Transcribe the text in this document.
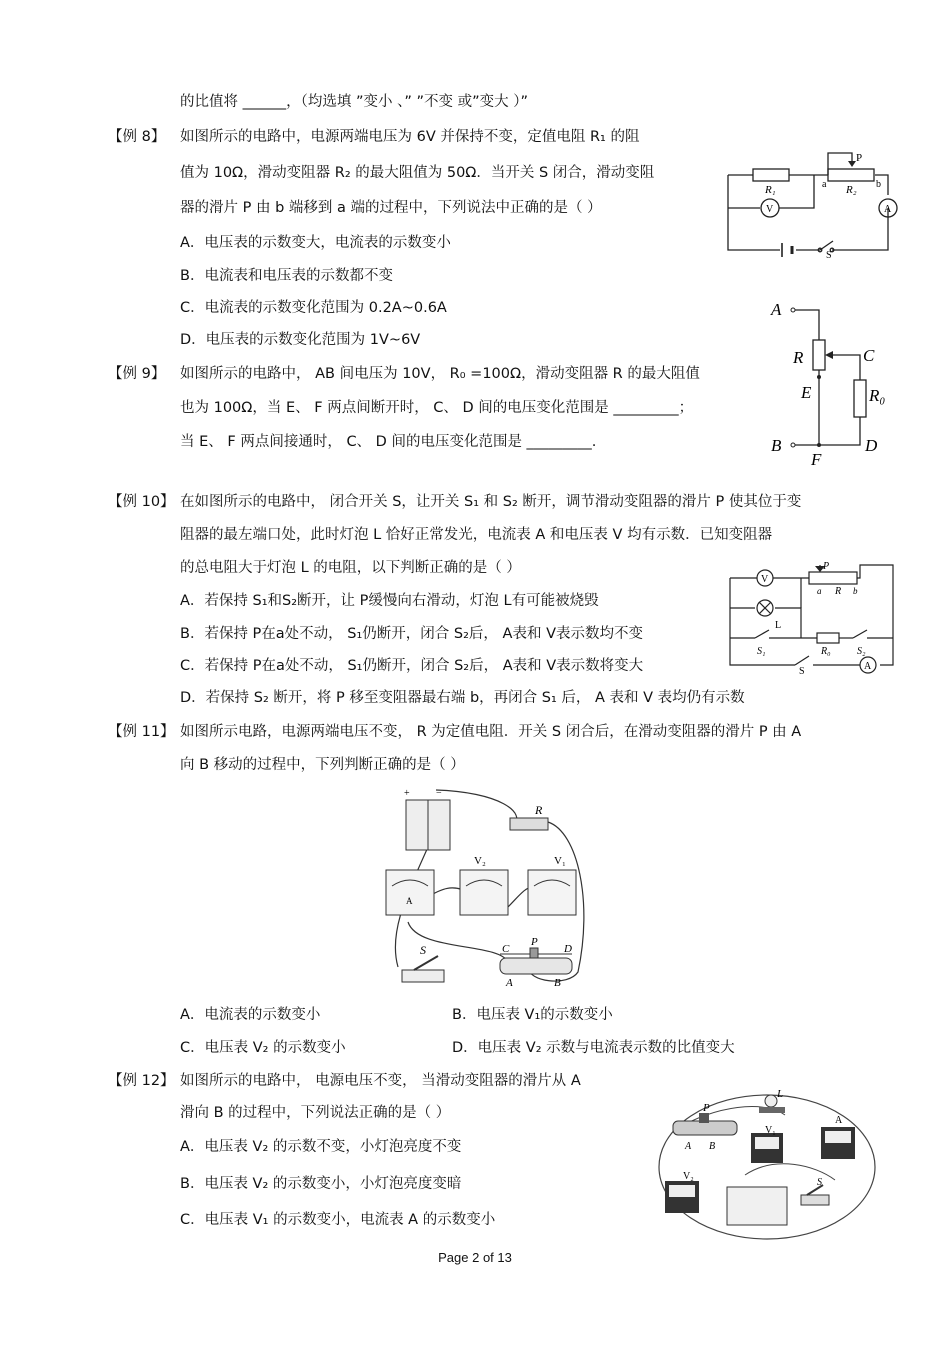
的比值将 ______，（均选填 ”变小 、” ”不变 或”变大 ）”
【例 8】 如图所示的电路中，电源两端电压为 6V 并保持不变，定值电阻 R₁ 的阻
值为 10Ω，滑动变阻器 R₂ 的最大阻值为 50Ω．当开关 S 闭合，滑动变阻
器的滑片 P 由 b 端移到 a 端的过程中，下列说法中正确的是（ ）
A．电压表的示数变大，电流表的示数变小
B．电流表和电压表的示数都不变
C．电流表的示数变化范围为 0.2A~0.6A
D．电压表的示数变化范围为 1V~6V
P
R₁	R₂
a	b
V	A
S
【例 9】 如图所示的电路中， AB 间电压为 10V， R₀ =100Ω，滑动变阻器 R 的最大阻值
也为 100Ω，当 E、 F 两点间断开时， C、 D 间的电压变化范围是 _________；
当 E、 F 两点间接通时， C、 D 间的电压变化范围是 _________.
A
R	C
E	R₀
B
F
D
【例 10】 在如图所示的电路中， 闭合开关 S，让开关 S₁ 和 S₂ 断开，调节滑动变阻器的滑片 P 使其位于变
阻器的最左端口处，此时灯泡 L 恰好正常发光，电流表 A 和电压表 V 均有示数．已知变阻器
的总电阻大于灯泡 L 的电阻，以下判断正确的是（ ）
A．若保持 S₁和S₂断开，让 P缓慢向右滑动，灯泡 L有可能被烧毁
B．若保持 P在a处不动， S₁仍断开，闭合 S₂后， A表和 V表示数均不变
C．若保持 P在a处不动， S₁仍断开，闭合 S₂后， A表和 V表示数将变大
D．若保持 S₂ 断开，将 P 移至变阻器最右端 b，再闭合 S₁ 后， A 表和 V 表均仍有示数
V
P
a R b
L
S₁	R₀	S₂
S	A
【例 11】 如图所示电路，电源两端电压不变， R 为定值电阻．开关 S 闭合后，在滑动变阻器的滑片 P 由 A
向 B 移动的过程中，下列判断正确的是（ ）
+	−
R
A
V₂	V₁
S	C
P
D
A	B
A．电流表的示数变小	B．电压表 V₁的示数变小
C．电压表 V₂ 的示数变小	D．电压表 V₂ 示数与电流表示数的比值变大
【例 12】 如图所示的电路中， 电源电压不变， 当滑动变阻器的滑片从 A
滑向 B 的过程中，下列说法正确的是（ ）
A．电压表 V₂ 的示数不变，小灯泡亮度不变
B．电压表 V₂ 的示数变小，小灯泡亮度变暗
C．电压表 V₁ 的示数变小，电流表 A 的示数变小
P
A B
L
V₁
A
V₂
S
Page 2 of 13
